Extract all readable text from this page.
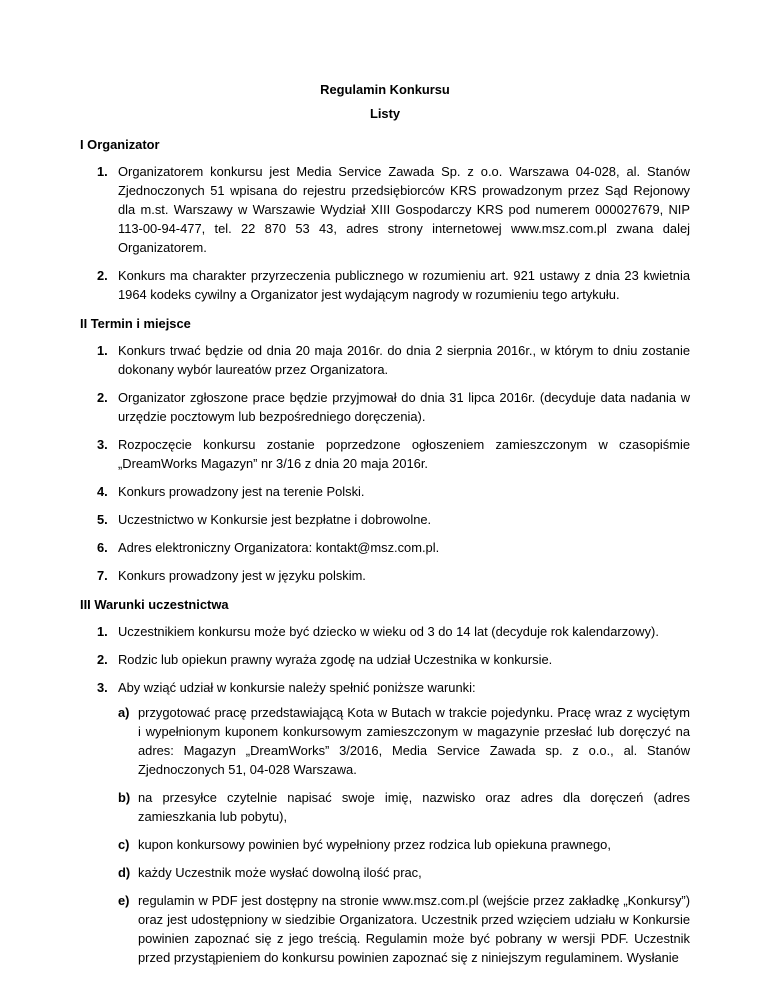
Regulamin Konkursu
Listy
I Organizator
1. Organizatorem konkursu jest Media Service Zawada Sp. z o.o. Warszawa 04-028, al. Stanów Zjednoczonych 51 wpisana do rejestru przedsiębiorców KRS prowadzonym przez Sąd Rejonowy dla m.st. Warszawy w Warszawie Wydział XIII Gospodarczy KRS pod numerem 000027679, NIP 113-00-94-477, tel. 22 870 53 43, adres strony internetowej www.msz.com.pl zwana dalej Organizatorem.
2. Konkurs ma charakter przyrzeczenia publicznego w rozumieniu art. 921 ustawy z dnia 23 kwietnia 1964 kodeks cywilny a Organizator jest wydającym nagrody w rozumieniu tego artykułu.
II Termin i miejsce
1. Konkurs trwać będzie od dnia 20 maja 2016r. do dnia 2 sierpnia 2016r., w którym to dniu zostanie dokonany wybór laureatów przez Organizatora.
2. Organizator zgłoszone prace będzie przyjmował do dnia 31 lipca 2016r. (decyduje data nadania w urzędzie pocztowym lub bezpośredniego doręczenia).
3. Rozpoczęcie konkursu zostanie poprzedzone ogłoszeniem zamieszczonym w czasopiśmie „DreamWorks Magazyn” nr 3/16 z dnia 20 maja 2016r.
4. Konkurs prowadzony jest na terenie Polski.
5. Uczestnictwo w Konkursie jest bezpłatne i dobrowolne.
6. Adres elektroniczny Organizatora: kontakt@msz.com.pl.
7. Konkurs prowadzony jest w języku polskim.
III Warunki uczestnictwa
1. Uczestnikiem konkursu może być dziecko w wieku od 3 do 14 lat (decyduje rok kalendarzowy).
2. Rodzic lub opiekun prawny wyraża zgodę na udział Uczestnika w konkursie.
3. Aby wziąć udział w konkursie należy spełnić poniższe warunki:
a) przygotować pracę przedstawiającą Kota w Butach w trakcie pojedynku. Pracę wraz z wyciętym i wypełnionym kuponem konkursowym zamieszczonym w magazynie przesłać lub doręczyć na adres: Magazyn „DreamWorks” 3/2016, Media Service Zawada sp. z o.o., al. Stanów Zjednoczonych 51, 04-028 Warszawa.
b) na przesyłce czytelnie napisać swoje imię, nazwisko oraz adres dla doręczeń (adres zamieszkania lub pobytu),
c) kupon konkursowy powinien być wypełniony przez rodzica lub opiekuna prawnego,
d) każdy Uczestnik może wysłać dowolną ilość prac,
e) regulamin w PDF jest dostępny na stronie www.msz.com.pl (wejście przez zakładkę „Konkursy”) oraz jest udostępniony w siedzibie Organizatora. Uczestnik przed wzięciem udziału w Konkursie powinien zapoznać się z jego treścią. Regulamin może być pobrany w wersji PDF. Uczestnik przed przystąpieniem do konkursu powinien zapoznać się z niniejszym regulaminem. Wysłanie
